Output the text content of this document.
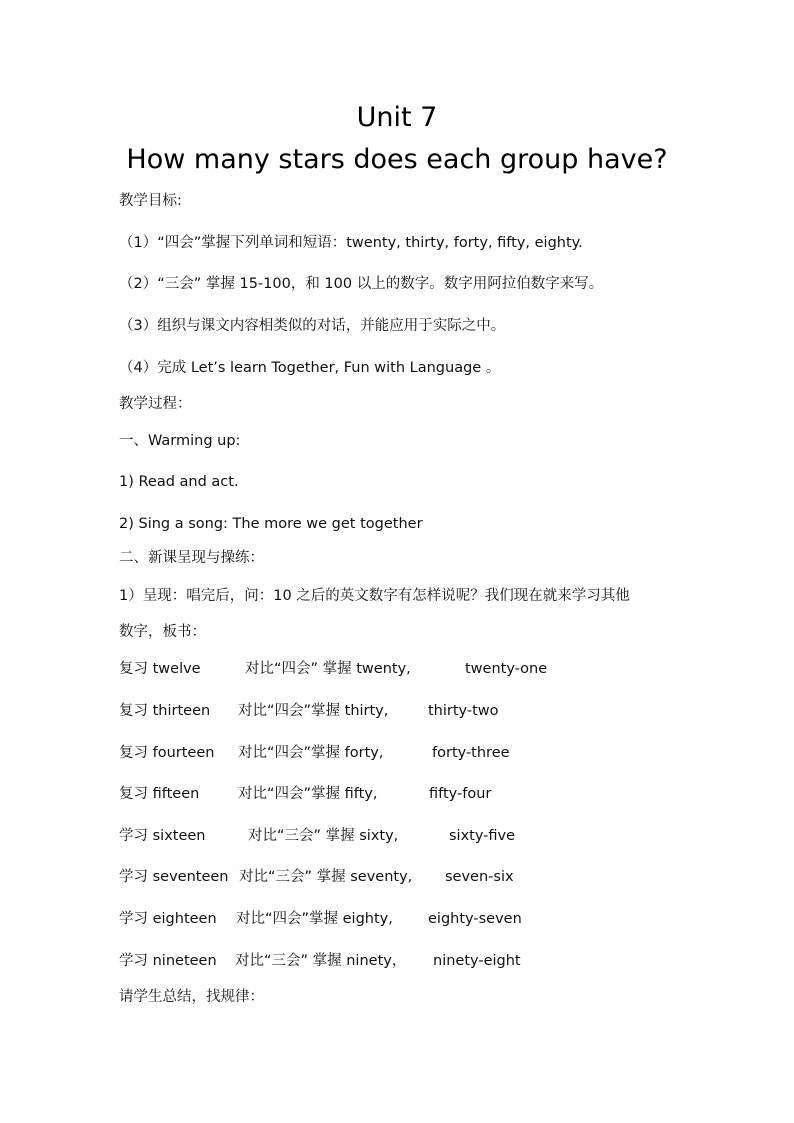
Unit 7
How many stars does each group have?
教学目标:
（1）“四会”掌握下列单词和短语：twenty, thirty, forty, fifty, eighty.
（2）“三会” 掌握 15-100，和 100 以上的数字。数字用阿拉伯数字来写。
（3）组织与课文内容相类似的对话，并能应用于实际之中。
（4）完成 Let’s learn Together, Fun with Language 。
教学过程：
一、Warming up:
1) Read and act.
2) Sing a song: The more we get together
二、新课呈现与操练：
1）呈现：唱完后，问：10 之后的英文数字有怎样说呢？我们现在就来学习其他
数字，板书：
复习 twelve	对比“四会” 掌握 twenty,	twenty-one
复习 thirteen 对比“四会”掌握 thirty,	thirty-two
复习 fourteen 对比“四会”掌握 forty,	forty-three
复习 fifteen	对比“四会”掌握 fifty,	fifty-four
学习 sixteen	对比“三会” 掌握 sixty,	sixty-five
学习 seventeen 对比“三会” 掌握 seventy, seven-six
学习 eighteen 对比“四会”掌握 eighty, eighty-seven
学习 nineteen 对比“三会” 掌握 ninety， ninety-eight
请学生总结，找规律：
